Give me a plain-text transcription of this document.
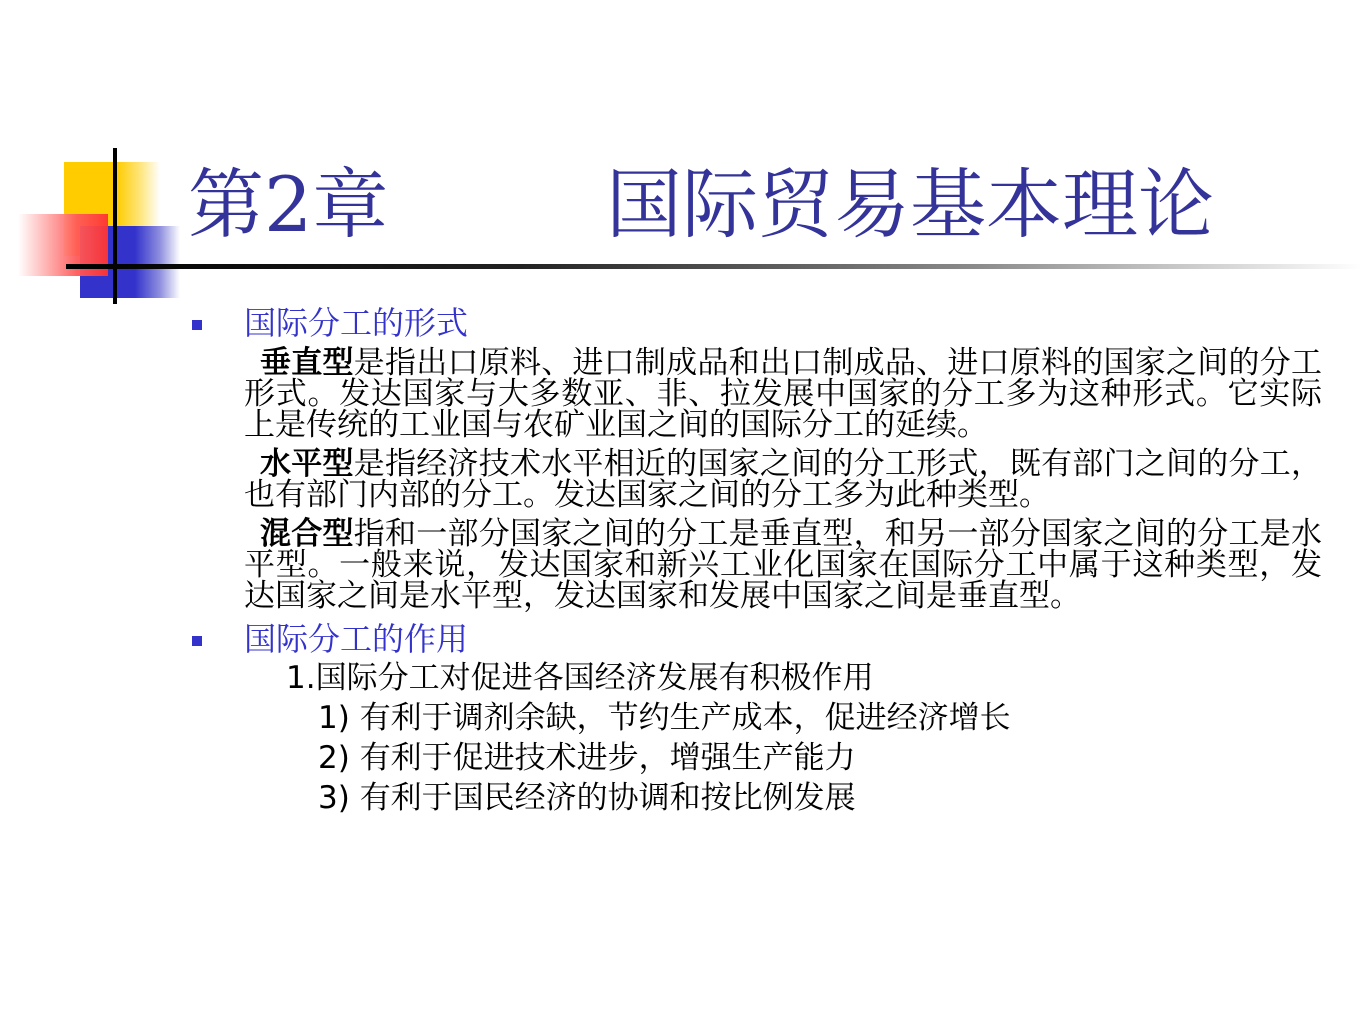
第2章	国际贸易基本理论
国际分工的形式
垂直型是指出口原料、进口制成品和出口制成品、进口原料的国家之间的分工形式。发达国家与大多数亚、非、拉发展中国家的分工多为这种形式。它实际上是传统的工业国与农矿业国之间的国际分工的延续。
水平型是指经济技术水平相近的国家之间的分工形式，既有部门之间的分工，也有部门内部的分工。发达国家之间的分工多为此种类型。
混合型指和一部分国家之间的分工是垂直型，和另一部分国家之间的分工是水平型。一般来说，发达国家和新兴工业化国家在国际分工中属于这种类型，发达国家之间是水平型，发达国家和发展中国家之间是垂直型。
国际分工的作用
1.国际分工对促进各国经济发展有积极作用
1) 有利于调剂余缺，节约生产成本，促进经济增长
2) 有利于促进技术进步，增强生产能力
3) 有利于国民经济的协调和按比例发展
